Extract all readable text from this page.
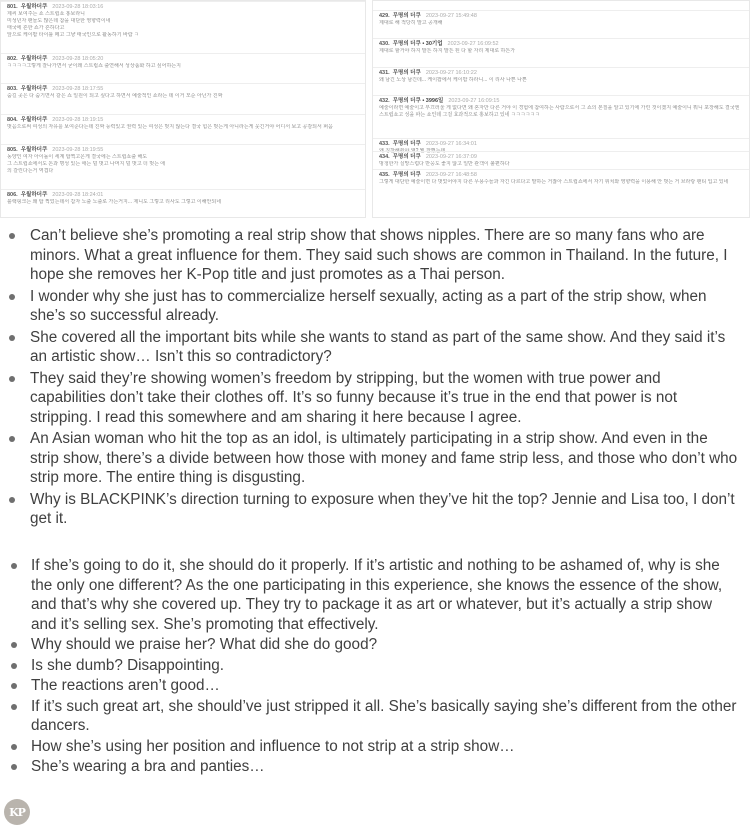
801. 우월하더쿠 2023-09-28 18:03:16
제씨 보여주는 쇼 스트립쇼 홍보라니
미성년자 팬들도 많은데 참을 대단한 영향력이네
태국에 흔한 쇼가 흔하다고
앞으로 케이팝 타이틀 떼고 그냥 태국인으로 활동하기 바람 ㅋ
802. 우월하더쿠 2023-09-28 18:05:20
ㅋㅋㅋㅋ그렇게 잘나가면서 굳이왜 스트립쇼 출연해서 성상품화 하고 싶어하는지
803. 우월하더쿠 2023-09-28 18:17:55
숨길 곳은 다 숨기면서 같은 쇼 일원이 되고 싶다고 하면서 예술적인 쇼라는 데 이거 모순 아닌가 진짜
804. 우월하더쿠 2023-09-28 18:19:15
벗음으로써 여성의 자유를 보여준다는데 진짜 능력있고 권력 있는 여성은 벗지 않는다 결국 힘은 벗는게 아니라는게 웃긴거야 어디서 보고 공감되서 퍼옴
805. 우월하더쿠 2023-09-28 18:19:55
동양인 여자 아이돌이 세계 탑찍고온게 결국에는 스트립쇼출 해도
그 스트립쇼에서도 돈과 명성 있는 애는 덜 벗고 나머지 덜 벗고 더 벗는 애
의 갈린다는거 역겹다
806. 우월하더쿠 2023-09-28 18:24:01
블랙핑크는 왜 탑 찍었는데서 갑자 노출 노출로 가는거지... 제니도 그렇고 리사도 그렇고 이해안되네
429. 무명의 더쿠 2023-09-27 15:49:48
제대로 해 적당히 말고 공개해
430. 무명의 더쿠 • 30기업 2023-09-27 16:09:52
제대로 할거야 하지 말든 하지 말든 된 다 할 자리 제대로 하든가
431. 무명의 더쿠 2023-09-27 16:10:22
왜 남긴 노상 남긴데... 케이팝에서 케이팝 하라니... 이 리사 나쁜 나쁜
432. 무명의 더쿠 • 3996일 2023-09-27 16:09:15
예술이라면 예술이고 부끄러울 게 없다면 왜 혼자만 다른 거야 이 경험에 참여하는 사람으로서 그 쇼의 본질을 알고 있기에 가린 것이겠지 예술이니 뭐니 포장해도 결국엔 스트립쇼고 성을 파는 쇼인데 그걸 효과적으로 홍보하고 있네 ㅋㅋㅋㅋㅋㅋ
433. 무명의 더쿠 2023-09-27 16:34:01
왜 칭찬해줘야 돼? 뭘 잘했는데
434. 무명의 더쿠 2023-09-27 16:37:09
멍청한가 실망스럽다 반응도 좋지 않고 일반 관객이 불편하다
435. 무명의 더쿠 2023-09-27 16:48:58
그렇게 대단한 예술이면 다 벗었어야지 다른 무용수들과 자긴 다르다고 말하는 거잖아 스트립쇼에서 자기 위치와 영향력을 이용해 안 벗는 거 브라랑 팬티 입고 있네
Can’t believe she’s promoting a real strip show that shows nipples. There are so many fans who are minors. What a great influence for them. They said such shows are common in Thailand. In the future, I hope she removes her K-Pop title and just promotes as a Thai person.
I wonder why she just has to commercialize herself sexually, acting as a part of the strip show, when she’s so successful already.
She covered all the important bits while she wants to stand as part of the same show. And they said it’s an artistic show… Isn’t this so contradictory?
They said they’re showing women’s freedom by stripping, but the women with true power and capabilities don’t take their clothes off. It’s so funny because it’s true in the end that power is not stripping. I read this somewhere and am sharing it here because I agree.
An Asian woman who hit the top as an idol, is ultimately participating in a strip show. And even in the strip show, there’s a divide between how those with money and fame strip less, and those who don’t who strip more. The entire thing is disgusting.
Why is BLACKPINK’s direction turning to exposure when they’ve hit the top? Jennie and Lisa too, I don’t get it.
If she’s going to do it, she should do it properly. If it’s artistic and nothing to be ashamed of, why is she the only one different? As the one participating in this experience, she knows the essence of the show, and that’s why she covered up. They try to package it as art or whatever, but it’s actually a strip show and it’s selling sex. She’s promoting that effectively.
Why should we praise her? What did she do good?
Is she dumb? Disappointing.
The reactions aren’t good…
If it’s such great art, she should’ve just stripped it all. She’s basically saying she’s different from the other dancers.
How she’s using her position and influence to not strip at a strip show…
She’s wearing a bra and panties…
KP
